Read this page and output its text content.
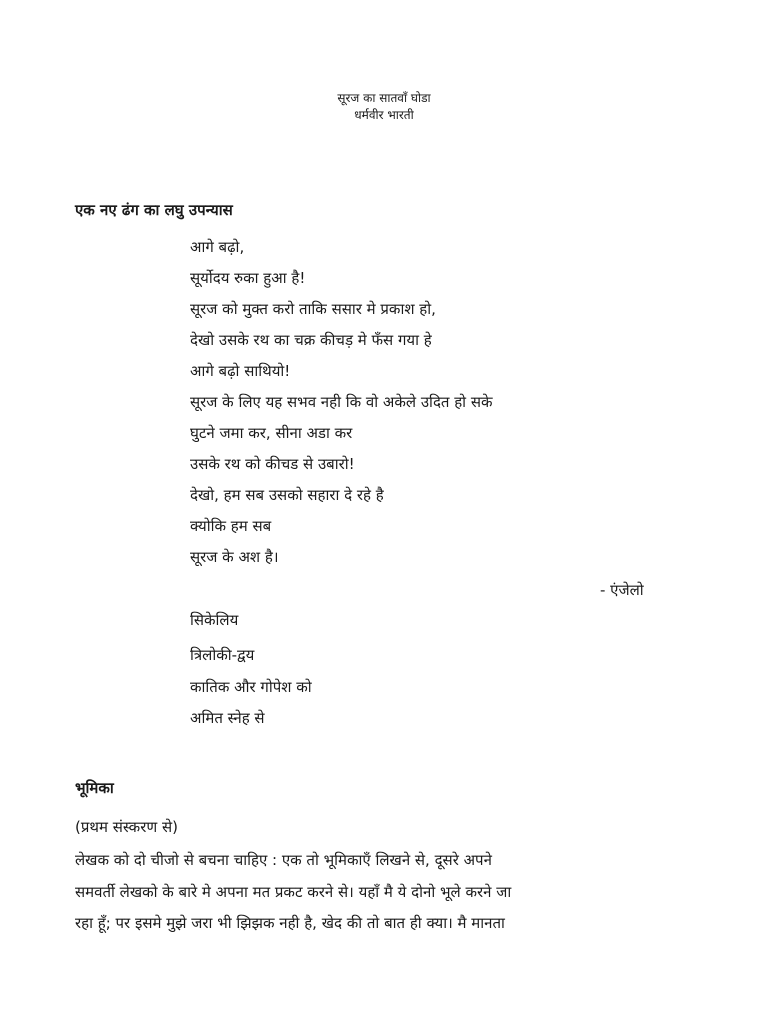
सूरज का सातवाँ घोडा
धर्मवीर भारती
एक नए ढंग का लघु उपन्यास
आगे बढ़ो,
सूर्योदय रुका हुआ है!
सूरज को मुक्त करो ताकि ससार मे प्रकाश हो,
देखो उसके रथ का चक्र कीचड़ मे फँस गया हे
आगे बढ़ो साथियो!
सूरज के लिए यह सभव नही कि वो अकेले उदित हो सके
घुटने जमा कर, सीना अडा कर
उसके रथ को कीचड से उबारो!
देखो, हम सब उसको सहारा दे रहे है
क्योकि हम सब
सूरज के अश है।
- एंजेलो
सिकेलिय
त्रिलोकी-द्वय
कातिक और गोपेश को
अमित स्नेह से
भूमिका
(प्रथम संस्करण से)
लेखक को दो चीजो से बचना चाहिए : एक तो भूमिकाएँ लिखने से, दूसरे अपने
समवर्ती लेखको के बारे मे अपना मत प्रकट करने से। यहाँ मै ये दोनो भूले करने जा
रहा हूँ; पर इसमे मुझे जरा भी झिझक नही है, खेद की तो बात ही क्या। मै मानता
